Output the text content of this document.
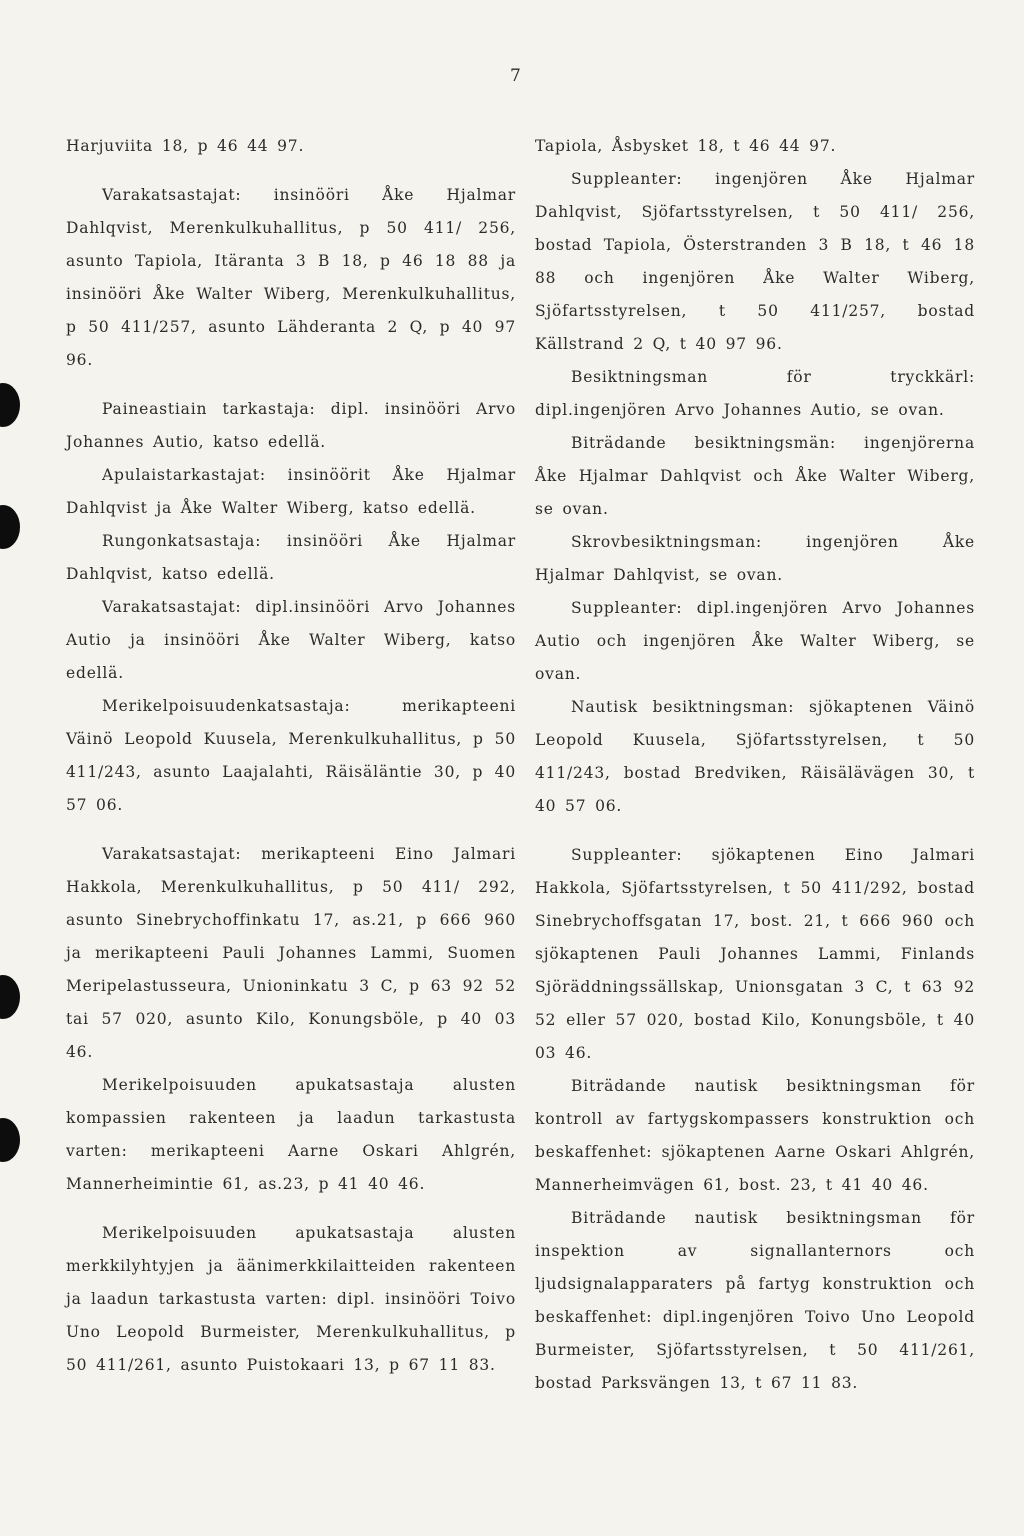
7

Harjuviita 18, p 46 44 97.

Varakatsastajat: insinööri Åke Hjalmar Dahlqvist, Merenkulkuhallitus, p 50 411/ 256, asunto Tapiola, Itäranta 3 B 18, p 46 18 88 ja insinööri Åke Walter Wiberg, Merenkulkuhallitus, p 50 411/257, asunto Lähderanta 2 Q, p 40 97 96.

Paineastiain tarkastaja: dipl. insinööri Arvo Johannes Autio, katso edellä.

Apulaistarkastajat: insinöörit Åke Hjalmar Dahlqvist ja Åke Walter Wiberg, katso edellä.

Rungonkatsastaja: insinööri Åke Hjalmar Dahlqvist, katso edellä.

Varakatsastajat: dipl.insinööri Arvo Johannes Autio ja insinööri Åke Walter Wiberg, katso edellä.

Merikelpoisuudenkatsastaja: merikapteeni Väinö Leopold Kuusela, Merenkulkuhallitus, p 50 411/243, asunto Laajalahti, Räisäläntie 30, p 40 57 06.

Varakatsastajat: merikapteeni Eino Jalmari Hakkola, Merenkulkuhallitus, p 50 411/ 292, asunto Sinebrychoffinkatu 17, as.21, p 666 960 ja merikapteeni Pauli Johannes Lammi, Suomen Meripelastusseura, Unioninkatu 3 C, p 63 92 52 tai 57 020, asunto Kilo, Konungsböle, p 40 03 46.

Merikelpoisuuden apukatsastaja alusten kompassien rakenteen ja laadun tarkastusta varten: merikapteeni Aarne Oskari Ahlgrén, Mannerheimintie 61, as.23, p 41 40 46.

Merikelpoisuuden apukatsastaja alusten merkkilyhtyjen ja äänimerkkilaitteiden rakenteen ja laadun tarkastusta varten: dipl. insinööri Toivo Uno Leopold Burmeister, Merenkulkuhallitus, p 50 411/261, asunto Puistokaari 13, p 67 11 83.

Tapiola, Åsbysket 18, t 46 44 97.

Suppleanter: ingenjören Åke Hjalmar Dahlqvist, Sjöfartsstyrelsen, t 50 411/ 256, bostad Tapiola, Österstranden 3 B 18, t 46 18 88 och ingenjören Åke Walter Wiberg, Sjöfartsstyrelsen, t 50 411/257, bostad Källstrand 2 Q, t 40 97 96.

Besiktningsman för tryckkärl: dipl.ingenjören Arvo Johannes Autio, se ovan.

Biträdande besiktningsmän: ingenjörerna Åke Hjalmar Dahlqvist och Åke Walter Wiberg, se ovan.

Skrovbesiktningsman: ingenjören Åke Hjalmar Dahlqvist, se ovan.

Suppleanter: dipl.ingenjören Arvo Johannes Autio och ingenjören Åke Walter Wiberg, se ovan.

Nautisk besiktningsman: sjökaptenen Väinö Leopold Kuusela, Sjöfartsstyrelsen, t 50 411/243, bostad Bredviken, Räisälävägen 30, t 40 57 06.

Suppleanter: sjökaptenen Eino Jalmari Hakkola, Sjöfartsstyrelsen, t 50 411/292, bostad Sinebrychoffsgatan 17, bost. 21, t 666 960 och sjökaptenen Pauli Johannes Lammi, Finlands Sjöräddningssällskap, Unionsgatan 3 C, t 63 92 52 eller 57 020, bostad Kilo, Konungsböle, t 40 03 46.

Biträdande nautisk besiktningsman för kontroll av fartygskompassers konstruktion och beskaffenhet: sjökaptenen Aarne Oskari Ahlgrén, Mannerheimvägen 61, bost. 23, t 41 40 46.

Biträdande nautisk besiktningsman för inspektion av signallanternors och ljudsignalapparaters på fartyg konstruktion och beskaffenhet: dipl.ingenjören Toivo Uno Leopold Burmeister, Sjöfartsstyrelsen, t 50 411/261, bostad Parksvängen 13, t 67 11 83.
